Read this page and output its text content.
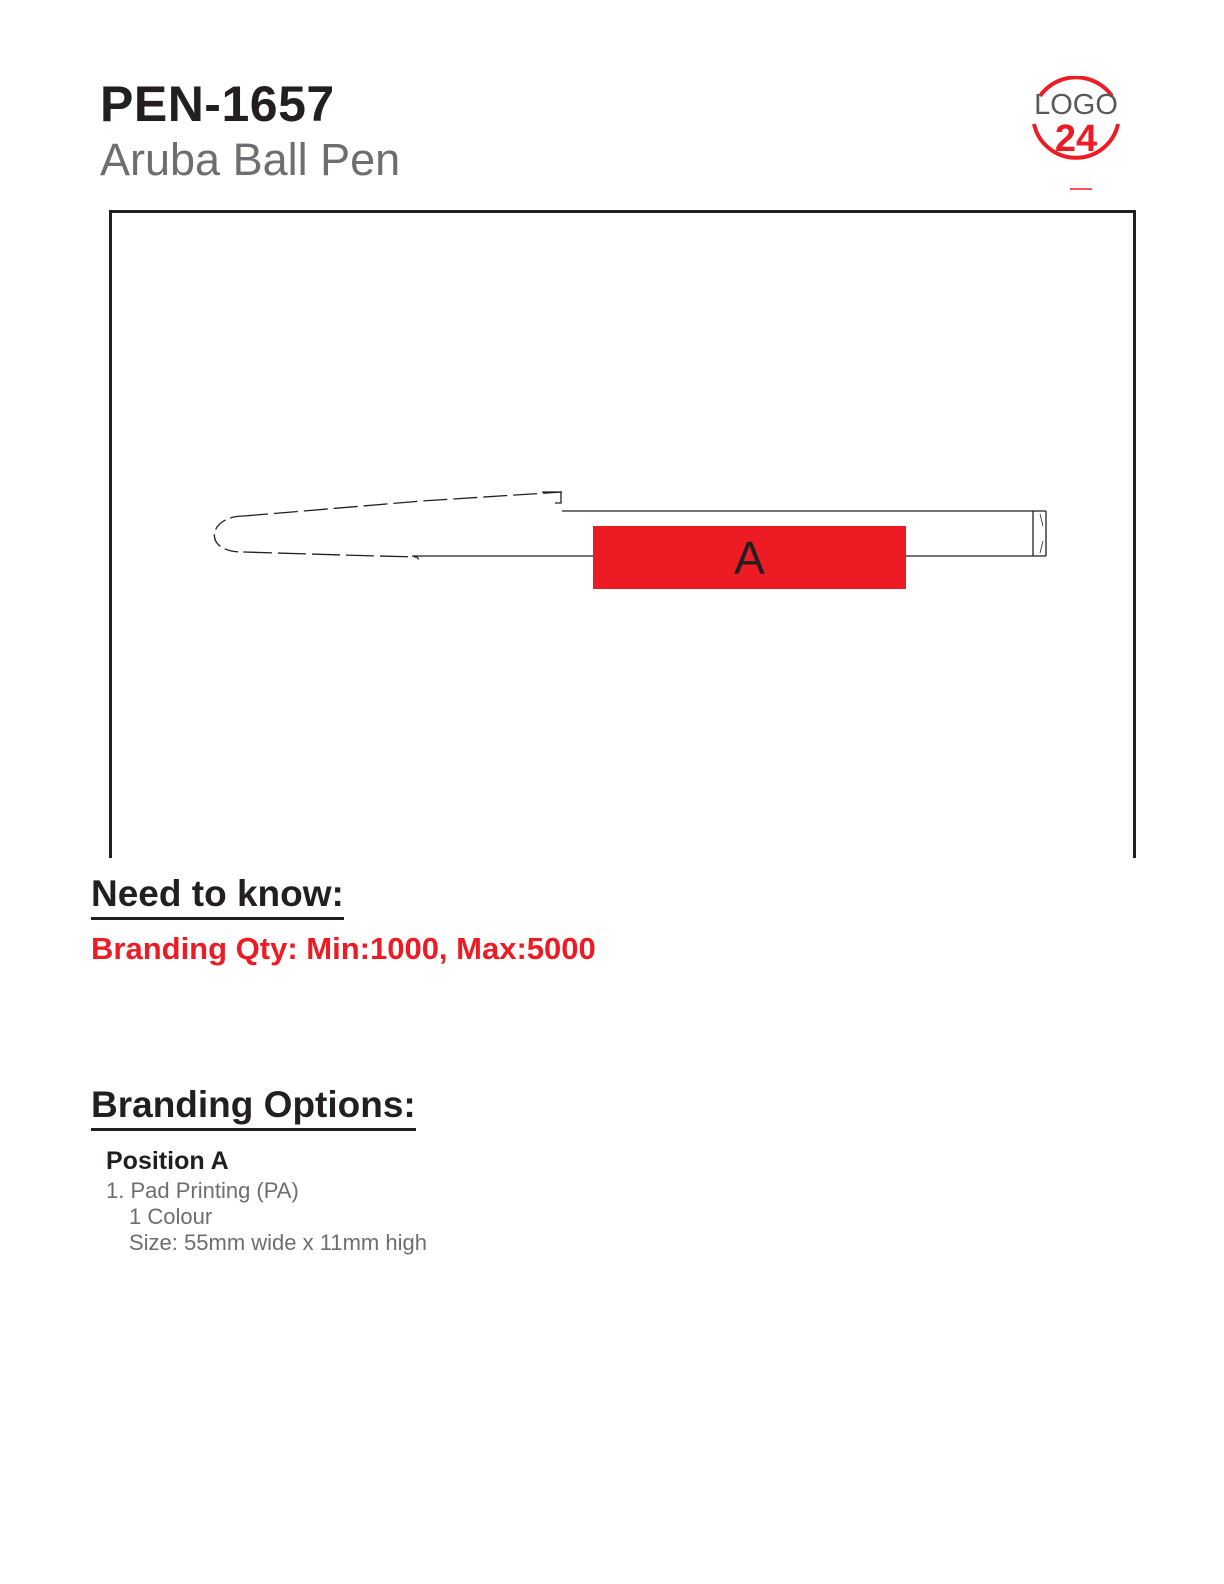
PEN-1657
Aruba Ball Pen
LOGO
24
A
Need to know:
Branding Qty: Min:1000, Max:5000
Branding Options:
Position A
1. Pad Printing (PA)
1 Colour
Size: 55mm wide x 11mm high
